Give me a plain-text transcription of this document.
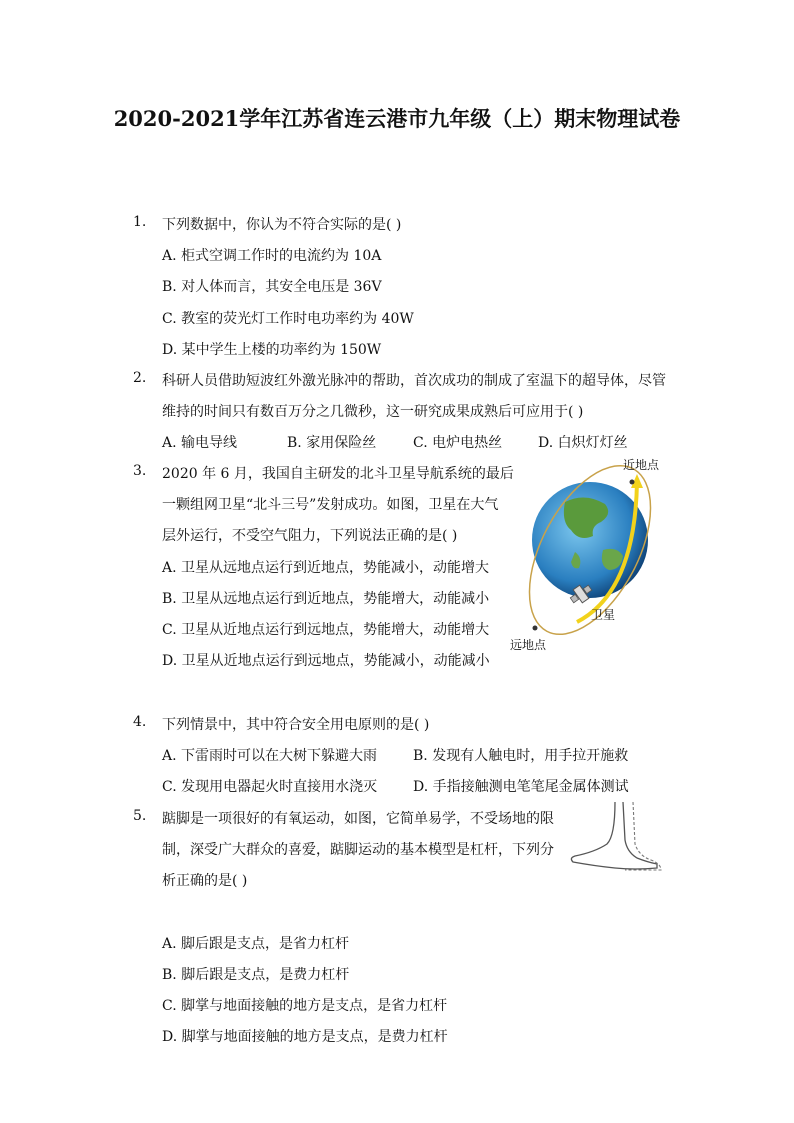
2020-2021学年江苏省连云港市九年级（上）期末物理试卷
1. 下列数据中，你认为不符合实际的是( )
A. 柜式空调工作时的电流约为 10A
B. 对人体而言，其安全电压是 36V
C. 教室的荧光灯工作时电功率约为 40W
D. 某中学生上楼的功率约为 150W
2. 科研人员借助短波红外激光脉冲的帮助，首次成功的制成了室温下的超导体，尽管
维持的时间只有数百万分之几微秒，这一研究成果成熟后可应用于( )
A. 输电导线	B. 家用保险丝	C. 电炉电热丝	D. 白炽灯灯丝
3. 2020 年 6 月，我国自主研发的北斗卫星导航系统的最后
一颗组网卫星“北斗三号”发射成功。如图，卫星在大气
层外运行，不受空气阻力，下列说法正确的是( )
A. 卫星从远地点运行到近地点，势能减小，动能增大
B. 卫星从远地点运行到近地点，势能增大，动能减小
C. 卫星从近地点运行到远地点，势能增大，动能增大
D. 卫星从近地点运行到远地点，势能减小，动能减小
近地点
远地点
卫星
4. 下列情景中，其中符合安全用电原则的是( )
A. 下雷雨时可以在大树下躲避大雨	B. 发现有人触电时，用手拉开施救
C. 发现用电器起火时直接用水浇灭	D. 手指接触测电笔笔尾金属体测试
5. 踮脚是一项很好的有氧运动，如图，它简单易学，不受场地的限
制，深受广大群众的喜爱，踮脚运动的基本模型是杠杆，下列分
析正确的是( )
A. 脚后跟是支点，是省力杠杆
B. 脚后跟是支点，是费力杠杆
C. 脚掌与地面接触的地方是支点，是省力杠杆
D. 脚掌与地面接触的地方是支点，是费力杠杆
